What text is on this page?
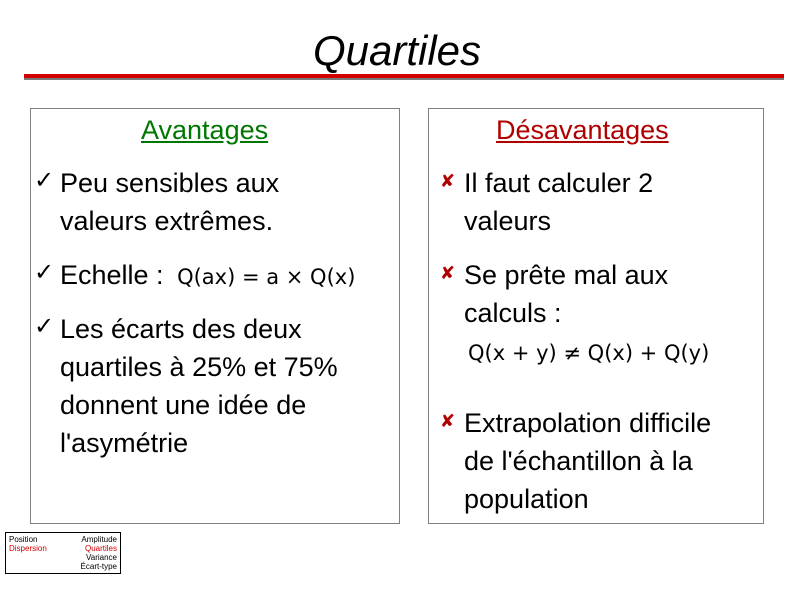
Quartiles
Avantages	Désavantages
✓ Peu sensibles aux
valeurs extrêmes.
✓ Echelle : Q(ax) = a × Q(x)
✓ Les écarts des deux
quartiles à 25% et 75%
donnent une idée de
l'asymétrie
✘ Il faut calculer 2
valeurs
✘ Se prête mal aux
calculs :
Q(x + y) ≠ Q(x) + Q(y)
✘ Extrapolation difficile
de l'échantillon à la
population
Position
Dispersion
Amplitude
Quartiles
Variance
Écart-type
